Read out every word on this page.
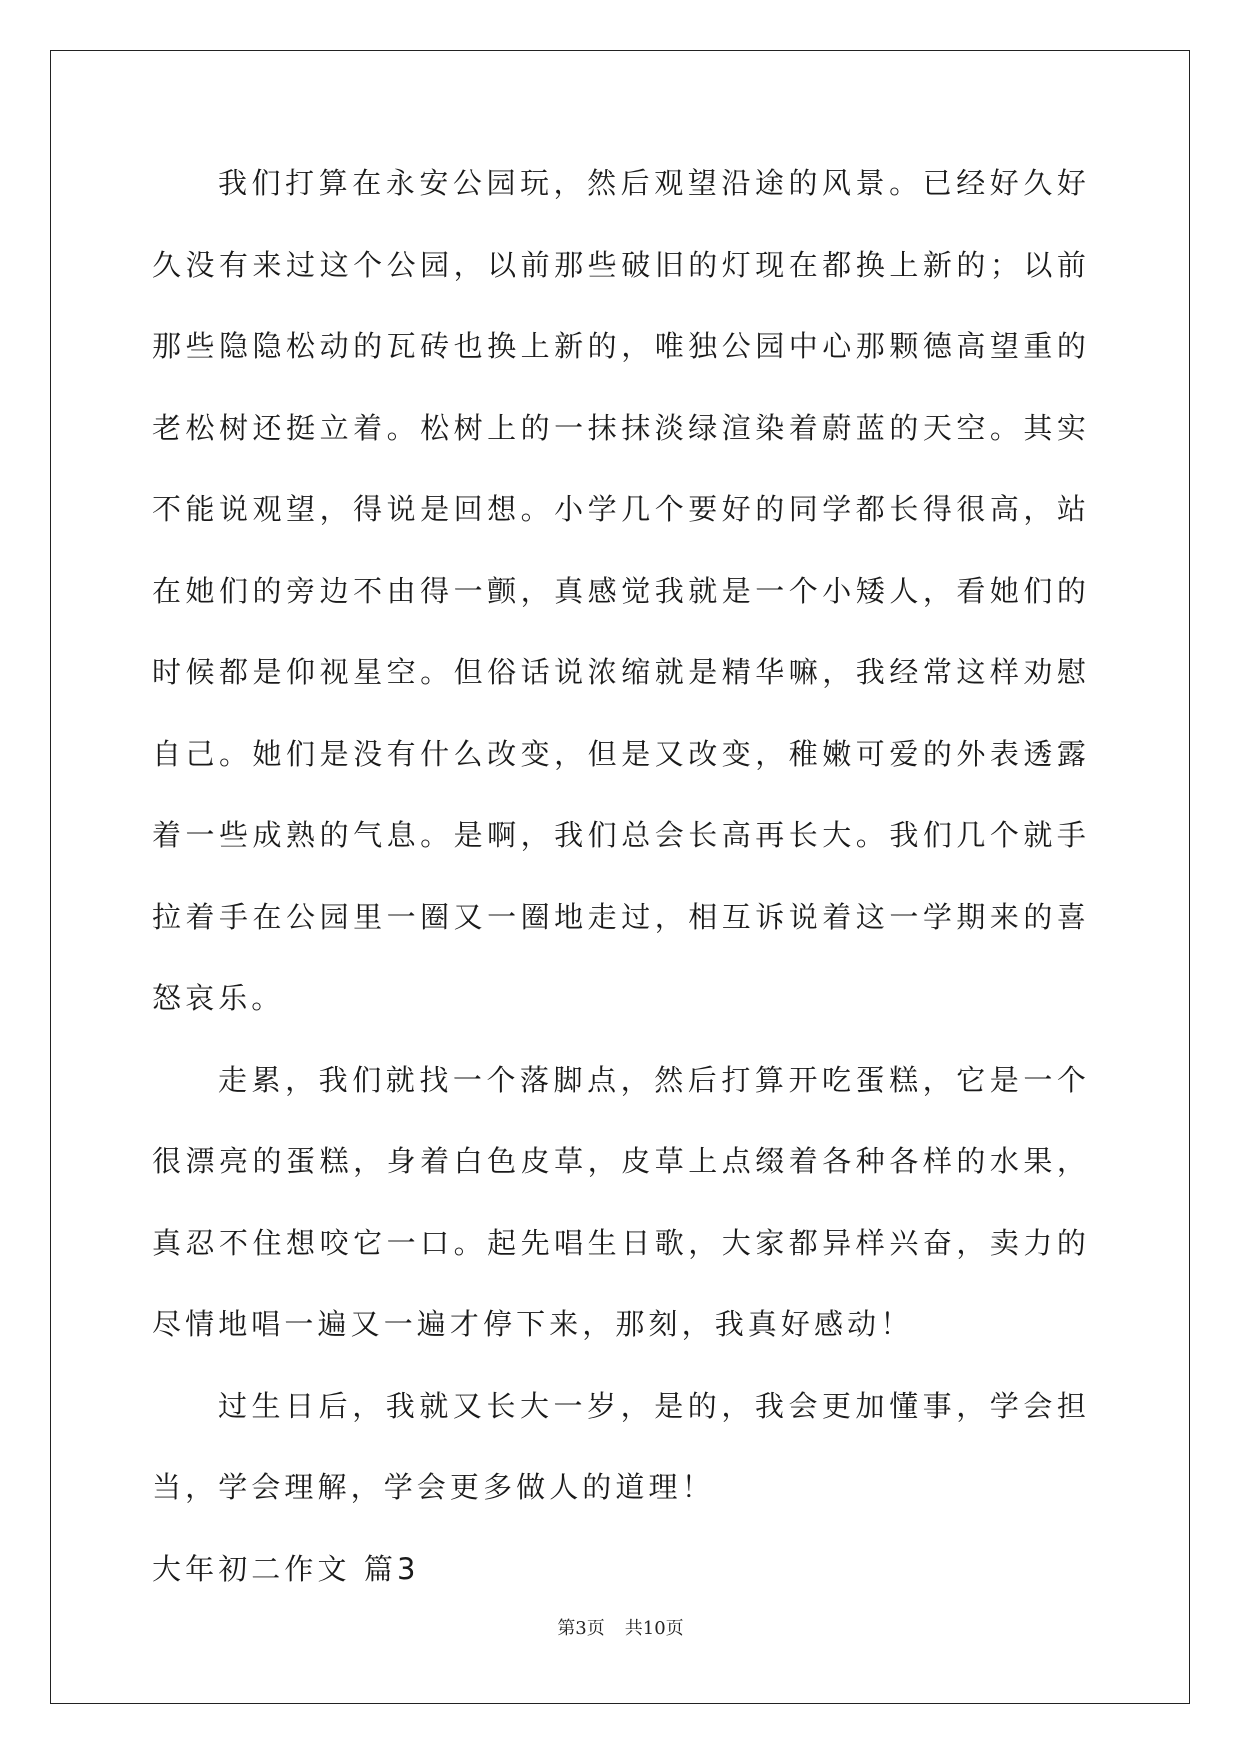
我们打算在永安公园玩，然后观望沿途的风景。已经好久好久没有来过这个公园，以前那些破旧的灯现在都换上新的；以前那些隐隐松动的瓦砖也换上新的，唯独公园中心那颗德高望重的老松树还挺立着。松树上的一抹抹淡绿渲染着蔚蓝的天空。其实不能说观望，得说是回想。小学几个要好的同学都长得很高，站在她们的旁边不由得一颤，真感觉我就是一个小矮人，看她们的时候都是仰视星空。但俗话说浓缩就是精华嘛，我经常这样劝慰自己。她们是没有什么改变，但是又改变，稚嫩可爱的外表透露着一些成熟的气息。是啊，我们总会长高再长大。我们几个就手拉着手在公园里一圈又一圈地走过，相互诉说着这一学期来的喜怒哀乐。

走累，我们就找一个落脚点，然后打算开吃蛋糕，它是一个很漂亮的蛋糕，身着白色皮草，皮草上点缀着各种各样的水果，真忍不住想咬它一口。起先唱生日歌，大家都异样兴奋，卖力的尽情地唱一遍又一遍才停下来，那刻，我真好感动！

过生日后，我就又长大一岁，是的，我会更加懂事，学会担当，学会理解，学会更多做人的道理！

大年初二作文 篇3

第3页 共10页
